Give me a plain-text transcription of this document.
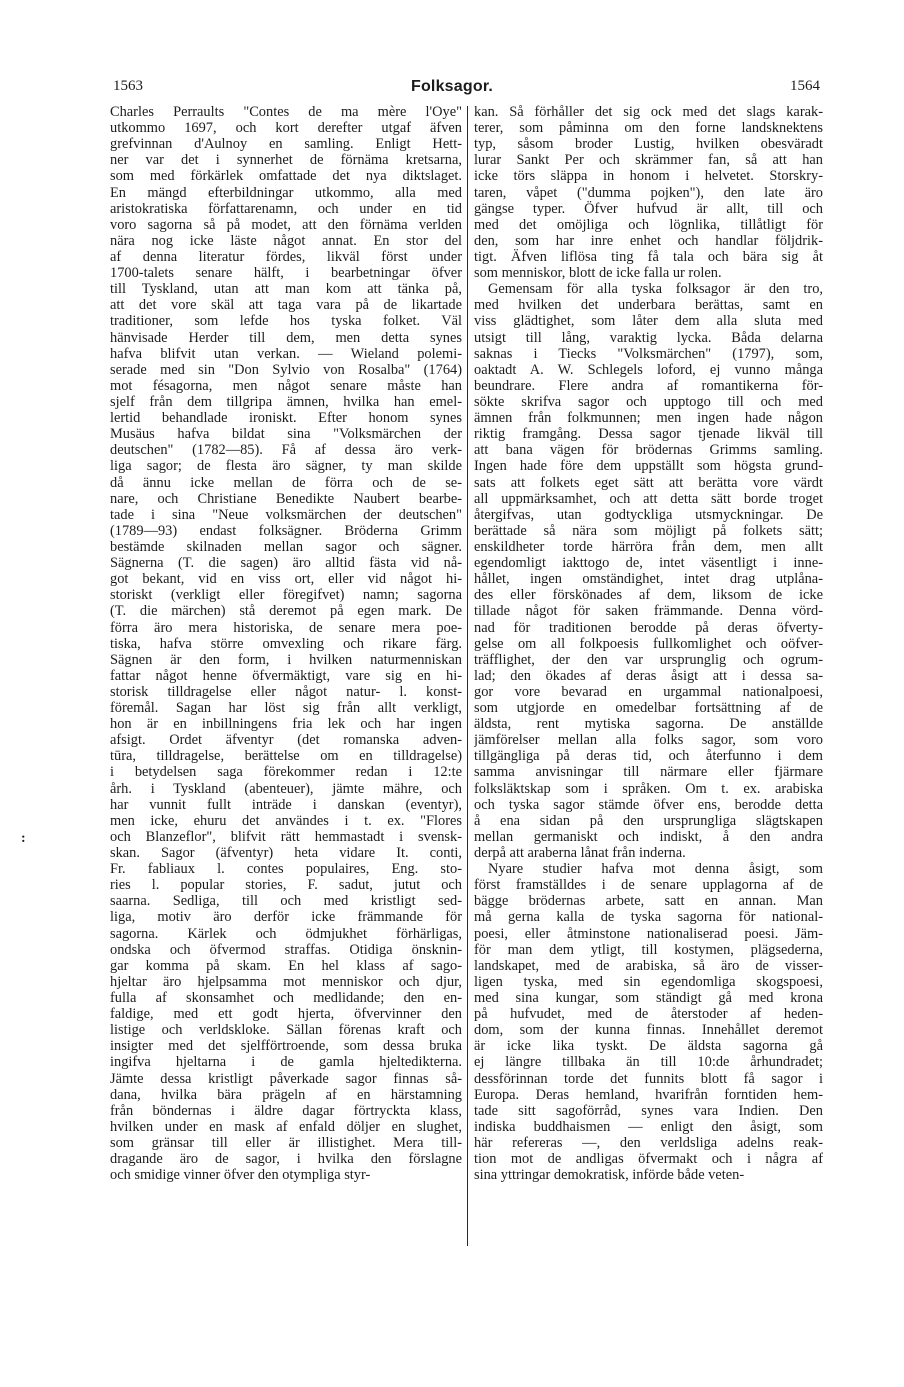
1563	Folksagor.	1564
:
Charles Perraults "Contes de ma mère l'Oye"
utkommo 1697, och kort derefter utgaf äfven
grefvinnan d'Aulnoy en samling. Enligt Hett-
ner var det i synnerhet de förnäma kretsarna,
som med förkärlek omfattade det nya diktslaget.
En mängd efterbildningar utkommo, alla med
aristokratiska författarenamn, och under en tid
voro sagorna så på modet, att den förnäma verlden
nära nog icke läste något annat. En stor del
af denna literatur fördes, likväl först under
1700-talets senare hälft, i bearbetningar öfver
till Tyskland, utan att man kom att tänka på,
att det vore skäl att taga vara på de likartade
traditioner, som lefde hos tyska folket. Väl
hänvisade Herder till dem, men detta synes
hafva blifvit utan verkan. — Wieland polemi-
serade med sin "Don Sylvio von Rosalba" (1764)
mot fésagorna, men något senare måste han
sjelf från dem tillgripa ämnen, hvilka han emel-
lertid behandlade ironiskt. Efter honom synes
Musäus hafva bildat sina "Volksmärchen der
deutschen" (1782—85). Få af dessa äro verk-
liga sagor; de flesta äro sägner, ty man skilde
då ännu icke mellan de förra och de se-
nare, och Christiane Benedikte Naubert bearbe-
tade i sina "Neue volksmärchen der deutschen"
(1789—93) endast folksägner. Bröderna Grimm
bestämde skilnaden mellan sagor och sägner.
Sägnerna (T. die sagen) äro alltid fästa vid nå-
got bekant, vid en viss ort, eller vid något hi-
storiskt (verkligt eller föregifvet) namn; sagorna
(T. die märchen) stå deremot på egen mark. De
förra äro mera historiska, de senare mera poe-
tiska, hafva större omvexling och rikare färg.
Sägnen är den form, i hvilken naturmenniskan
fattar något henne öfvermäktigt, vare sig en hi-
storisk tilldragelse eller något natur- l. konst-
föremål. Sagan har löst sig från allt verkligt,
hon är en inbillningens fria lek och har ingen
afsigt. Ordet äfventyr (det romanska adven-
tūra, tilldragelse, berättelse om en tilldragelse)
i betydelsen saga förekommer redan i 12:te
årh. i Tyskland (abenteuer), jämte mähre, och
har vunnit fullt inträde i danskan (eventyr),
men icke, ehuru det användes i t. ex. "Flores
och Blanzeflor", blifvit rätt hemmastadt i svensk-
skan. Sagor (äfventyr) heta vidare It. conti,
Fr. fabliaux l. contes populaires, Eng. sto-
ries l. popular stories, F. sadut, jutut och
saarna. Sedliga, till och med kristligt sed-
liga, motiv äro derför icke främmande för
sagorna. Kärlek och ödmjukhet förhärligas,
ondska och öfvermod straffas. Otidiga önsknin-
gar komma på skam. En hel klass af sago-
hjeltar äro hjelpsamma mot menniskor och djur,
fulla af skonsamhet och medlidande; den en-
faldige, med ett godt hjerta, öfvervinner den
listige och verldskloke. Sällan förenas kraft och
insigter med det sjelfförtroende, som dessa bruka
ingifva hjeltarna i de gamla hjeltedikterna.
Jämte dessa kristligt påverkade sagor finnas så-
dana, hvilka bära prägeln af en härstamning
från böndernas i äldre dagar förtryckta klass,
hvilken under en mask af enfald döljer en slughet,
som gränsar till eller är illistighet. Mera till-
dragande äro de sagor, i hvilka den förslagne
och smidige vinner öfver den otympliga styr-
kan. Så förhåller det sig ock med det slags karak-
terer, som påminna om den forne landsknektens
typ, såsom broder Lustig, hvilken obesväradt
lurar Sankt Per och skrämmer fan, så att han
icke törs släppa in honom i helvetet. Storskry-
taren, våpet ("dumma pojken"), den late äro
gängse typer. Öfver hufvud är allt, till och
med det omöjliga och lögnlika, tillåtligt för
den, som har inre enhet och handlar följdrik-
tigt. Äfven liflösa ting få tala och bära sig åt
som menniskor, blott de icke falla ur rolen.
Gemensam för alla tyska folksagor är den tro,
med hvilken det underbara berättas, samt en
viss glädtighet, som låter dem alla sluta med
utsigt till lång, varaktig lycka. Båda delarna
saknas i Tiecks "Volksmärchen" (1797), som,
oaktadt A. W. Schlegels loford, ej vunno många
beundrare. Flere andra af romantikerna för-
sökte skrifva sagor och upptogo till och med
ämnen från folkmunnen; men ingen hade någon
riktig framgång. Dessa sagor tjenade likväl till
att bana vägen för brödernas Grimms samling.
Ingen hade före dem uppställt som högsta grund-
sats att folkets eget sätt att berätta vore värdt
all uppmärksamhet, och att detta sätt borde troget
återgifvas, utan godtyckliga utsmyckningar. De
berättade så nära som möjligt på folkets sätt;
enskildheter torde härröra från dem, men allt
egendomligt iakttogo de, intet väsentligt i inne-
hållet, ingen omständighet, intet drag utplåna-
des eller förskönades af dem, liksom de icke
tillade något för saken främmande. Denna vörd-
nad för traditionen berodde på deras öfverty-
gelse om all folkpoesis fullkomlighet och oöfver-
träfflighet, der den var ursprunglig och ogrum-
lad; den ökades af deras åsigt att i dessa sa-
gor vore bevarad en urgammal nationalpoesi,
som utgjorde en omedelbar fortsättning af de
äldsta, rent mytiska sagorna. De anställde
jämförelser mellan alla folks sagor, som voro
tillgängliga på deras tid, och återfunno i dem
samma anvisningar till närmare eller fjärmare
folksläktskap som i språken. Om t. ex. arabiska
och tyska sagor stämde öfver ens, berodde detta
å ena sidan på den ursprungliga slägtskapen
mellan germaniskt och indiskt, å den andra
derpå att araberna lånat från inderna.
Nyare studier hafva mot denna åsigt, som
först framställdes i de senare upplagorna af de
bägge brödernas arbete, satt en annan. Man
må gerna kalla de tyska sagorna för national-
poesi, eller åtminstone nationaliserad poesi. Jäm-
för man dem ytligt, till kostymen, plägsederna,
landskapet, med de arabiska, så äro de visser-
ligen tyska, med sin egendomliga skogspoesi,
med sina kungar, som ständigt gå med krona
på hufvudet, med de återstoder af heden-
dom, som der kunna finnas. Innehållet deremot
är icke lika tyskt. De äldsta sagorna gå
ej längre tillbaka än till 10:de århundradet;
dessförinnan torde det funnits blott få sagor i
Europa. Deras hemland, hvarifrån forntiden hem-
tade sitt sagoförråd, synes vara Indien. Den
indiska buddhaismen — enligt den åsigt, som
här refereras —, den verldsliga adelns reak-
tion mot de andligas öfvermakt och i några af
sina yttringar demokratisk, införde både veten-
